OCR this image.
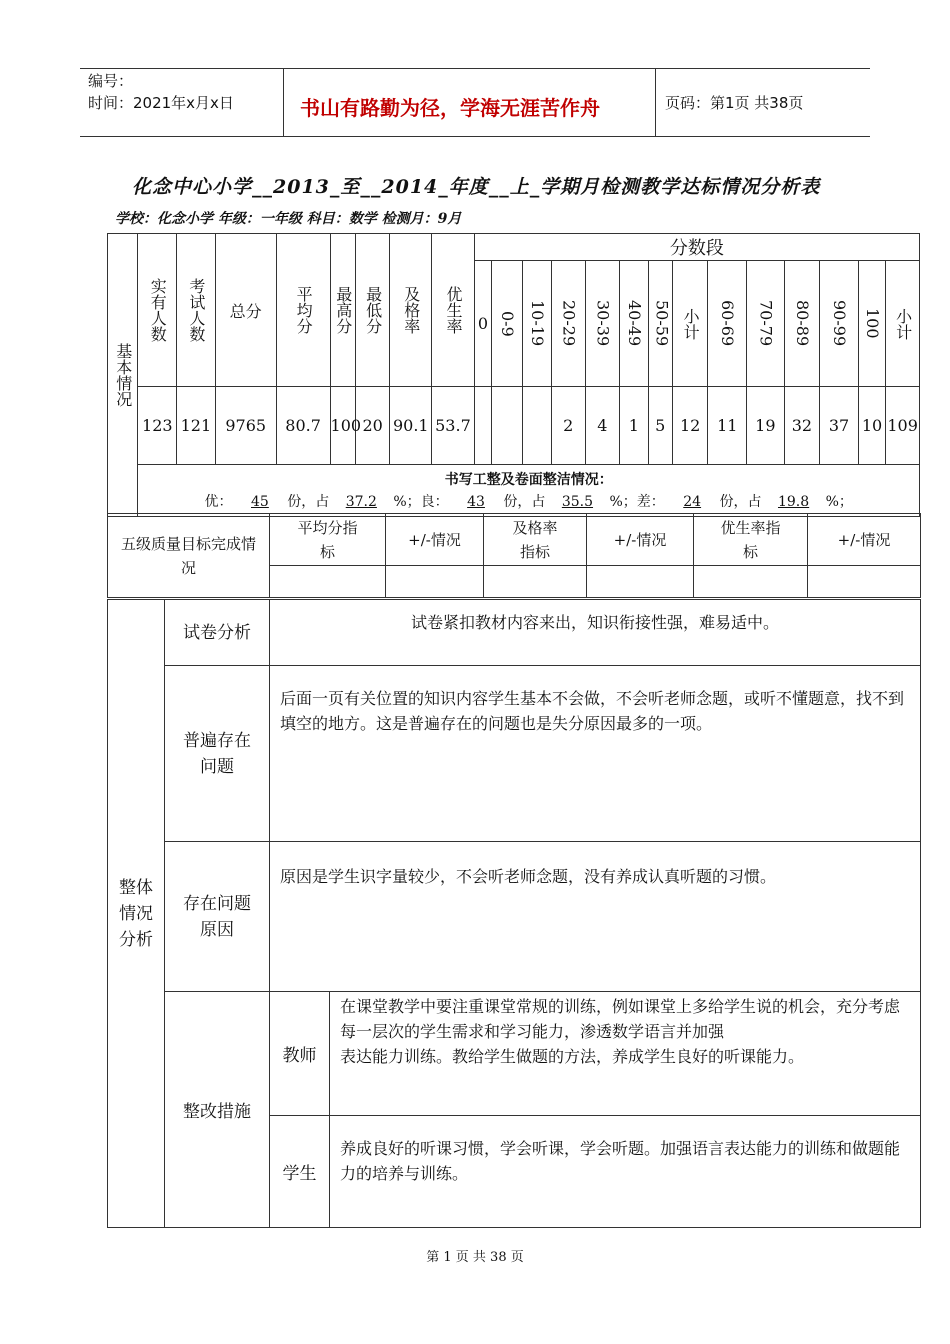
编号：
时间：2021年x月x日	书山有路勤为径，学海无涯苦作舟	页码：第1页 共38页
化念中心小学__2013_至__2014_年度__上_学期月检测教学达标情况分析表
学校：化念小学 年级：一年级 科目：数学 检测月：9月
基本情况	实有人数	考试人数	总分	平均分	最高分	最低分	及格率	优生率	分数段													
									0	0-9	10-19	20-29	30-39	40-49	50-59	小计	60-69	70-79	80-89	90-99	100	小计

	123	121	9765	80.7	100	20	90.1	53.7				2	4	1	5	12	11	19	32	37	10	109

	书写工整及卷面整洁情况：
优： 45 份，占 37.2 %；良： 43 份，占 35.5 %；差： 24 份，占 19.8 %；																					
五级质量目标完成情况	平均分指标	+/-情况	及格率指标	+/-情况	优生率指标	+/-情况

整体情况分析	试卷分析	试卷紧扣教材内容来出，知识衔接性强，难易适中。	
	普遍存在问题	后面一页有关位置的知识内容学生基本不会做，不会听老师念题，或听不懂题意，找不到填空的地方。这是普遍存在的问题也是失分原因最多的一项。	
	存在问题原因	原因是学生识字量较少，不会听老师念题，没有养成认真听题的习惯。	
	整改措施	教师	在课堂教学中要注重课堂常规的训练，例如课堂上多给学生说的机会，充分考虑每一层次的学生需求和学习能力，渗透数学语言并加强
表达能力训练。教给学生做题的方法，养成学生良好的听课能力。

		学生	养成良好的听课习惯，学会听课，学会听题。加强语言表达能力的训练和做题能力的培养与训练。
第 1 页 共 38 页
